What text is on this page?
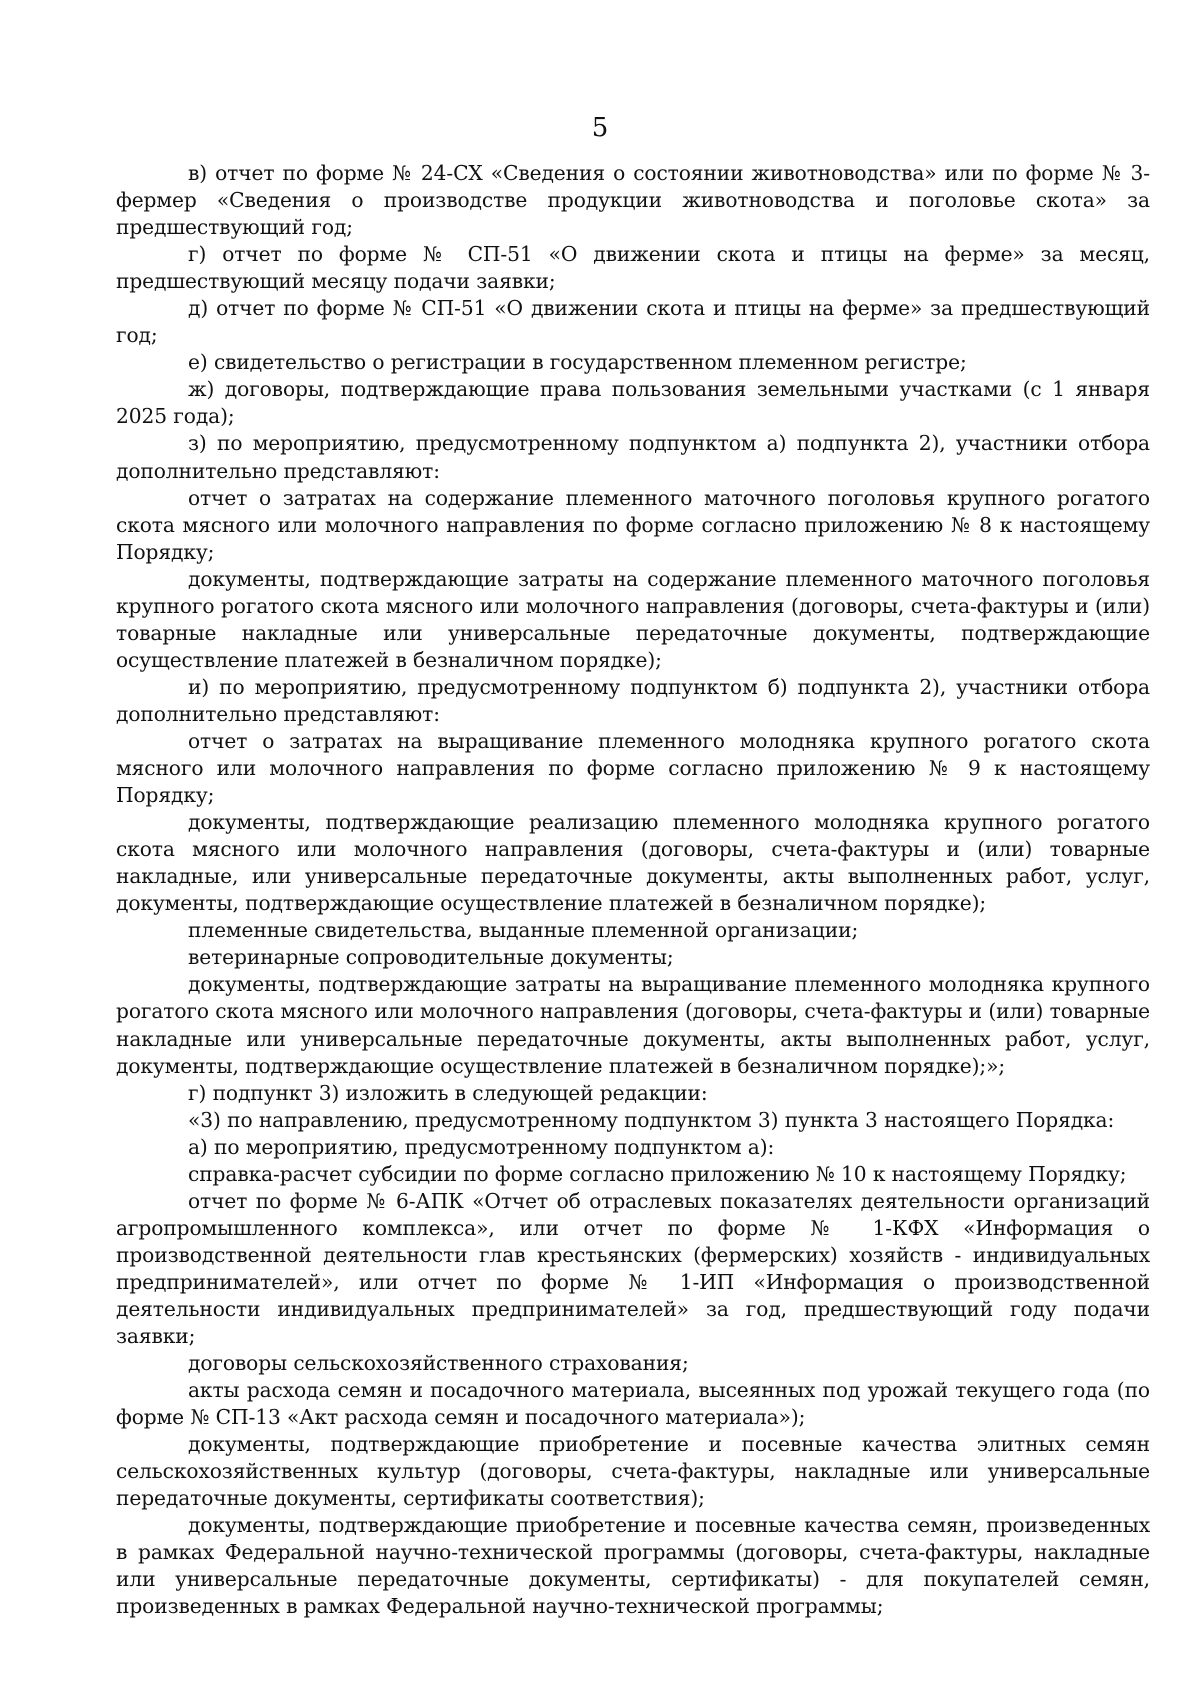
5

в) отчет по форме № 24-СХ «Сведения о состоянии животноводства» или по форме № 3-фермер «Сведения о производстве продукции животноводства и поголовье скота» за предшествующий год;

г) отчет по форме № СП-51 «О движении скота и птицы на ферме» за месяц, предшествующий месяцу подачи заявки;

д) отчет по форме № СП-51 «О движении скота и птицы на ферме» за предшествующий год;

е) свидетельство о регистрации в государственном племенном регистре;

ж) договоры, подтверждающие права пользования земельными участками (с 1 января 2025 года);

з) по мероприятию, предусмотренному подпунктом а) подпункта 2), участники отбора дополнительно представляют:

отчет о затратах на содержание племенного маточного поголовья крупного рогатого скота мясного или молочного направления по форме согласно приложению № 8 к настоящему Порядку;

документы, подтверждающие затраты на содержание племенного маточного поголовья крупного рогатого скота мясного или молочного направления (договоры, счета-фактуры и (или) товарные накладные или универсальные передаточные документы, подтверждающие осуществление платежей в безналичном порядке);

и) по мероприятию, предусмотренному подпунктом б) подпункта 2), участники отбора дополнительно представляют:

отчет о затратах на выращивание племенного молодняка крупного рогатого скота мясного или молочного направления по форме согласно приложению № 9 к настоящему Порядку;

документы, подтверждающие реализацию племенного молодняка крупного рогатого скота мясного или молочного направления (договоры, счета-фактуры и (или) товарные накладные, или универсальные передаточные документы, акты выполненных работ, услуг, документы, подтверждающие осуществление платежей в безналичном порядке);

племенные свидетельства, выданные племенной организации;

ветеринарные сопроводительные документы;

документы, подтверждающие затраты на выращивание племенного молодняка крупного рогатого скота мясного или молочного направления (договоры, счета-фактуры и (или) товарные накладные или универсальные передаточные документы, акты выполненных работ, услуг, документы, подтверждающие осуществление платежей в безналичном порядке);»;

г) подпункт 3) изложить в следующей редакции:

«3) по направлению, предусмотренному подпунктом 3) пункта 3 настоящего Порядка:

а) по мероприятию, предусмотренному подпунктом а):

справка-расчет субсидии по форме согласно приложению № 10 к настоящему Порядку;

отчет по форме № 6-АПК «Отчет об отраслевых показателях деятельности организаций агропромышленного комплекса», или отчет по форме № 1-КФХ «Информация о производственной деятельности глав крестьянских (фермерских) хозяйств - индивидуальных предпринимателей», или отчет по форме № 1-ИП «Информация о производственной деятельности индивидуальных предпринимателей» за год, предшествующий году подачи заявки;

договоры сельскохозяйственного страхования;

акты расхода семян и посадочного материала, высеянных под урожай текущего года (по форме № СП-13 «Акт расхода семян и посадочного материала»);

документы, подтверждающие приобретение и посевные качества элитных семян сельскохозяйственных культур (договоры, счета-фактуры, накладные или универсальные передаточные документы, сертификаты соответствия);

документы, подтверждающие приобретение и посевные качества семян, произведенных в рамках Федеральной научно-технической программы (договоры, счета-фактуры, накладные или универсальные передаточные документы, сертификаты) - для покупателей семян, произведенных в рамках Федеральной научно-технической программы;
